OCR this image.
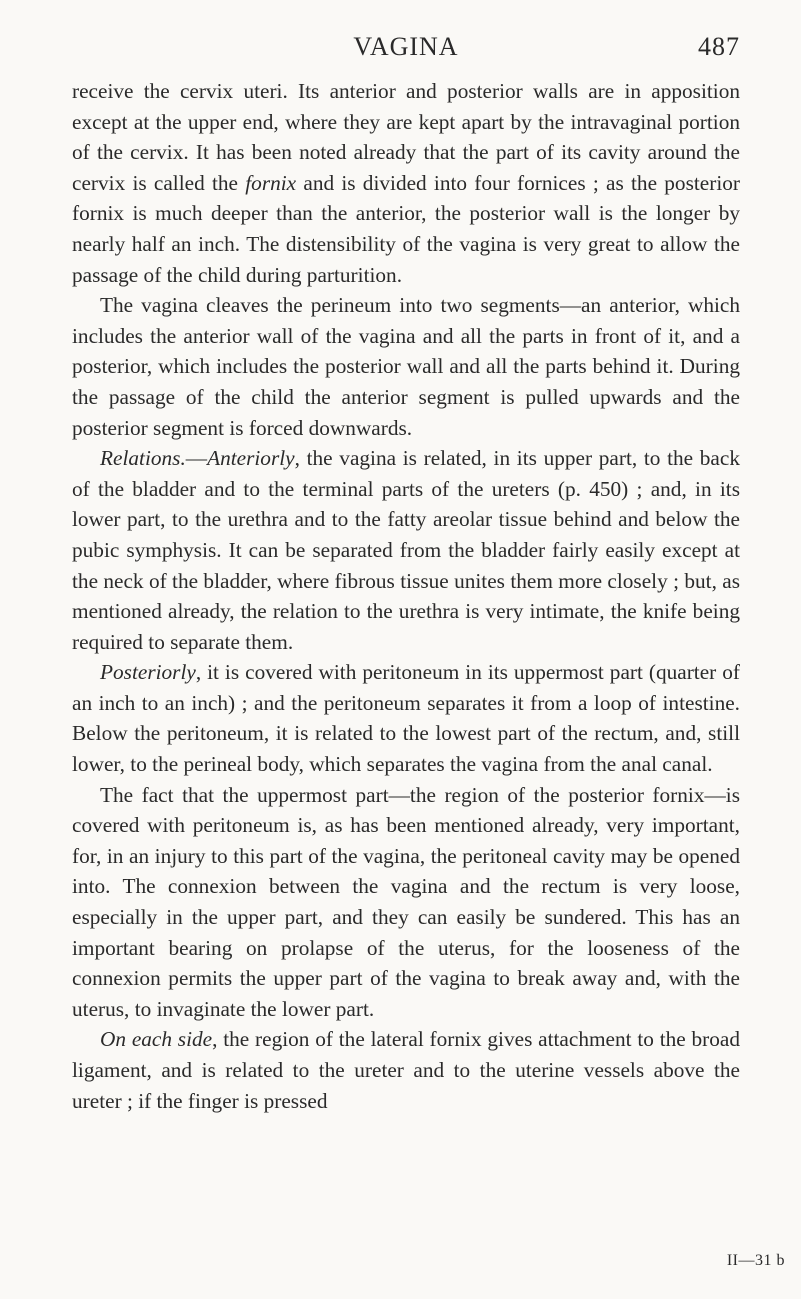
VAGINA	487

receive the cervix uteri. Its anterior and posterior walls are in apposition except at the upper end, where they are kept apart by the intravaginal portion of the cervix. It has been noted already that the part of its cavity around the cervix is called the fornix and is divided into four fornices ; as the posterior fornix is much deeper than the anterior, the posterior wall is the longer by nearly half an inch. The distensibility of the vagina is very great to allow the passage of the child during parturition.

The vagina cleaves the perineum into two segments—an anterior, which includes the anterior wall of the vagina and all the parts in front of it, and a posterior, which includes the posterior wall and all the parts behind it. During the passage of the child the anterior segment is pulled upwards and the posterior segment is forced downwards.

Relations.—Anteriorly, the vagina is related, in its upper part, to the back of the bladder and to the terminal parts of the ureters (p. 450) ; and, in its lower part, to the urethra and to the fatty areolar tissue behind and below the pubic symphysis. It can be separated from the bladder fairly easily except at the neck of the bladder, where fibrous tissue unites them more closely ; but, as mentioned already, the relation to the urethra is very intimate, the knife being required to separate them.

Posteriorly, it is covered with peritoneum in its uppermost part (quarter of an inch to an inch) ; and the peritoneum separates it from a loop of intestine. Below the peritoneum, it is related to the lowest part of the rectum, and, still lower, to the perineal body, which separates the vagina from the anal canal.

The fact that the uppermost part—the region of the posterior fornix—is covered with peritoneum is, as has been mentioned already, very important, for, in an injury to this part of the vagina, the peritoneal cavity may be opened into. The connexion between the vagina and the rectum is very loose, especially in the upper part, and they can easily be sundered. This has an important bearing on prolapse of the uterus, for the looseness of the connexion permits the upper part of the vagina to break away and, with the uterus, to invaginate the lower part.

On each side, the region of the lateral fornix gives attachment to the broad ligament, and is related to the ureter and to the uterine vessels above the ureter ; if the finger is pressed

II—31 b
